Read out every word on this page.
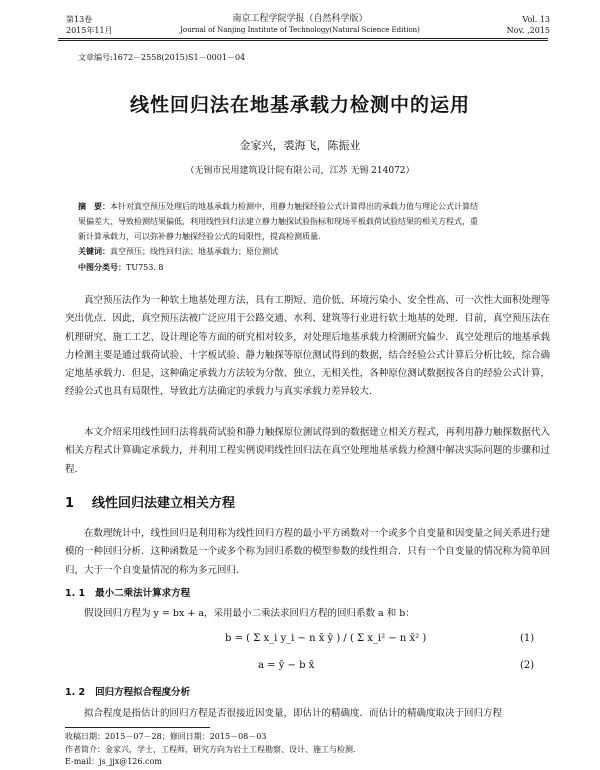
第13卷
2015年11月
南京工程学院学报（自然科学版）
Journal of Nanjing Institute of Technology(Natural Science Edition)
Vol. 13
Nov. ,2015
文章编号:1672－2558(2015)S1－0001－04
线性回归法在地基承载力检测中的运用
金家兴，裘海飞，陈振业
（无锡市民用建筑设计院有限公司，江苏 无锡 214072）
摘　要：本针对真空预压处理后的地基承载力检测中，用静力触探经验公式计算得出的承载力值与理论公式计算结
果偏差大、导致检测结果偏低，利用线性回归法建立静力触探试验指标和现场平板载荷试验结果的相关方程式，重
新计算承载力，可以弥补静力触探经验公式的局限性，提高检测质量.
关键词：真空预压；线性回归法；地基承载力；原位测试
中图分类号：TU753. 8

真空预压法作为一种软土地基处理方法，具有工期短、造价低、环境污染小、安全性高、可一次性大面积处理等突出优点．因此，真空预压法被广泛应用于公路交通、水利、建筑等行业进行软土地基的处理．目前，真空预压法在机理研究、施工工艺、设计理论等方面的研究相对较多，对处理后地基承载力检测研究偏少．真空处理后的地基承载力检测主要是通过载荷试验、十字板试验、静力触探等原位测试得到的数据，结合经验公式计算后分析比较，综合确定地基承载力．但是，这种确定承载力方法较为分散、独立，无相关性，各种原位测试数据按各自的经验公式计算，经验公式也具有局限性，导致此方法确定的承载力与真实承载力差异较大.

本文介绍采用线性回归法将载荷试验和静力触探原位测试得到的数据建立相关方程式，再利用静力触探数据代入相关方程式计算确定承载力，并利用工程实例说明线性回归法在真空处理地基承载力检测中解决实际问题的步骤和过程.

1 线性回归法建立相关方程

在数理统计中，线性回归是利用称为线性回归方程的最小平方函数对一个或多个自变量和因变量之间关系进行建模的一种回归分析．这种函数是一个或多个称为回归系数的模型参数的线性组合．只有一个自变量的情况称为简单回归，大于一个自变量情况的称为多元回归.

1. 1 最小二乘法计算求方程

假设回归方程为 y = bx + a，采用最小二乘法求回归方程的回归系数 a 和 b：

b = ( Σ x_i y_i − n x̄ ȳ ) / ( Σ x_i² − n x̄² )	(1)
a = ȳ − b x̄	(2)
1. 2 回归方程拟合程度分析

拟合程度是指估计的回归方程是否很接近因变量，即估计的精确度．而估计的精确度取决于回归方程

收稿日期：2015－07－28；修回日期：2015－08－03
作者简介：金家兴，学士，工程师，研究方向为岩土工程勘察、设计、施工与检测．
E-mail：js_jjx@126.com
